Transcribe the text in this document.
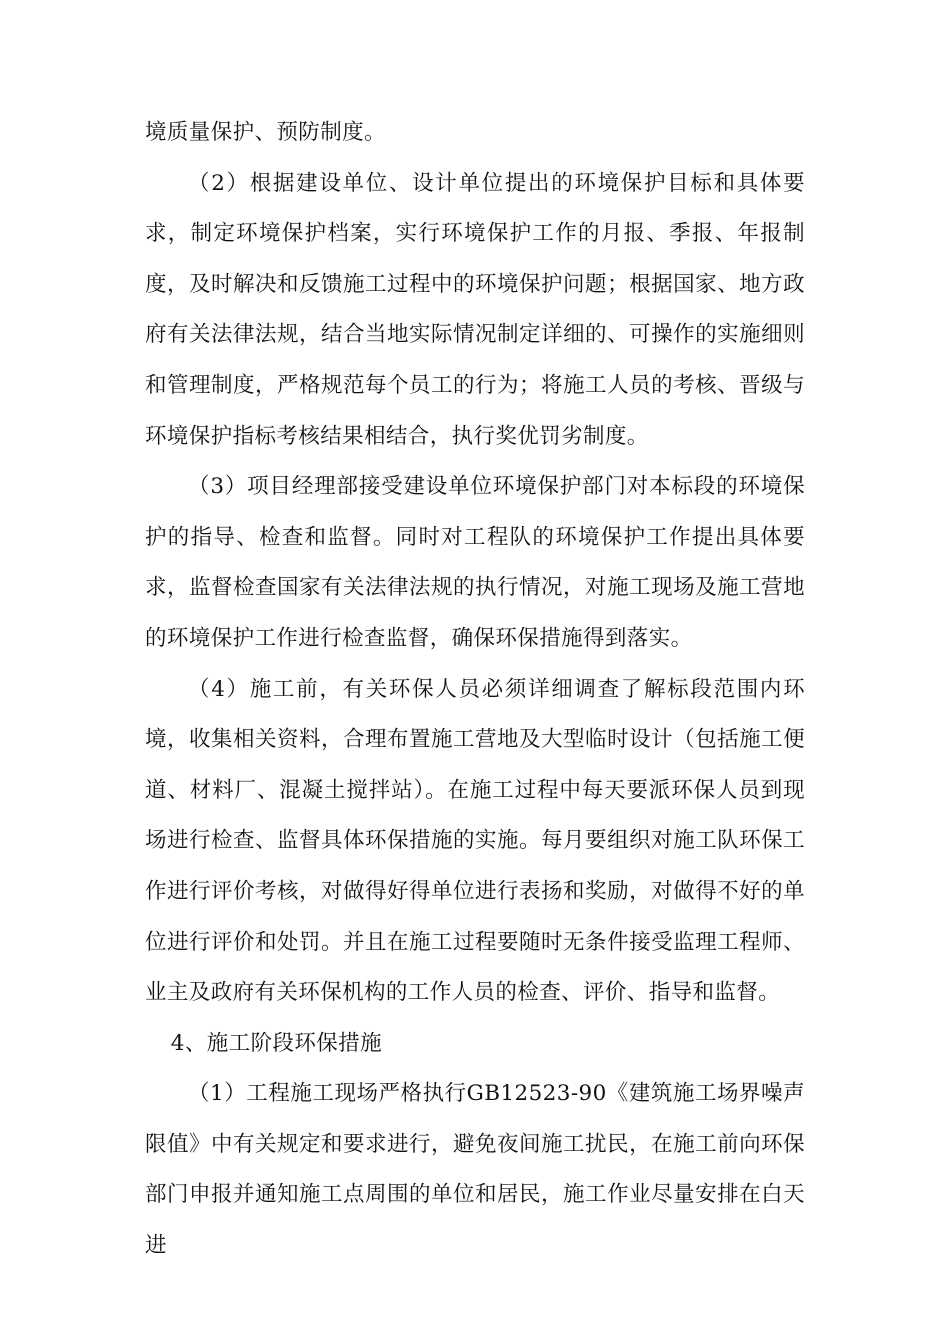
境质量保护、预防制度。

（2）根据建设单位、设计单位提出的环境保护目标和具体要求，制定环境保护档案，实行环境保护工作的月报、季报、年报制度，及时解决和反馈施工过程中的环境保护问题；根据国家、地方政府有关法律法规，结合当地实际情况制定详细的、可操作的实施细则和管理制度，严格规范每个员工的行为；将施工人员的考核、晋级与环境保护指标考核结果相结合，执行奖优罚劣制度。

（3）项目经理部接受建设单位环境保护部门对本标段的环境保护的指导、检查和监督。同时对工程队的环境保护工作提出具体要求，监督检查国家有关法律法规的执行情况，对施工现场及施工营地的环境保护工作进行检查监督，确保环保措施得到落实。

（4）施工前，有关环保人员必须详细调查了解标段范围内环境，收集相关资料，合理布置施工营地及大型临时设计（包括施工便道、材料厂、混凝土搅拌站）。在施工过程中每天要派环保人员到现场进行检查、监督具体环保措施的实施。每月要组织对施工队环保工作进行评价考核，对做得好得单位进行表扬和奖励，对做得不好的单位进行评价和处罚。并且在施工过程要随时无条件接受监理工程师、业主及政府有关环保机构的工作人员的检查、评价、指导和监督。

4、施工阶段环保措施

（1）工程施工现场严格执行GB12523-90《建筑施工场界噪声限值》中有关规定和要求进行，避免夜间施工扰民，在施工前向环保部门申报并通知施工点周围的单位和居民，施工作业尽量安排在白天进
